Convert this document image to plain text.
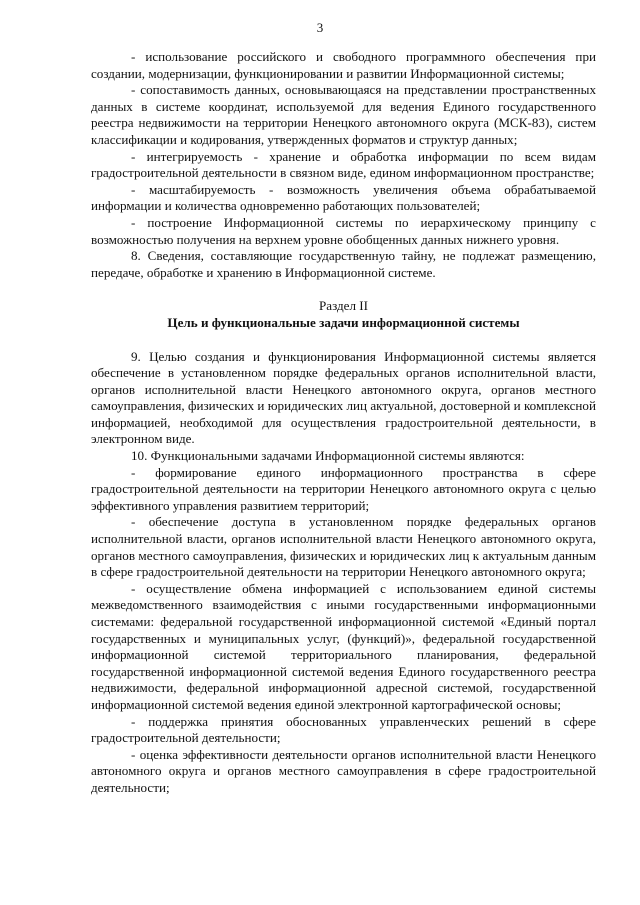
3

- использование российского и свободного программного обеспечения при создании, модернизации, функционировании и развитии Информационной системы;

- сопоставимость данных, основывающаяся на представлении пространственных данных в системе координат, используемой для ведения Единого государственного реестра недвижимости на территории Ненецкого автономного округа (МСК-83), систем классификации и кодирования, утвержденных форматов и структур данных;

- интегрируемость - хранение и обработка информации по всем видам градостроительной деятельности в связном виде, едином информационном пространстве;

- масштабируемость - возможность увеличения объема обрабатываемой информации и количества одновременно работающих пользователей;

- построение Информационной системы по иерархическому принципу с возможностью получения на верхнем уровне обобщенных данных нижнего уровня.

8. Сведения, составляющие государственную тайну, не подлежат размещению, передаче, обработке и хранению в Информационной системе.

Раздел II
Цель и функциональные задачи информационной системы

9. Целью создания и функционирования Информационной системы является обеспечение в установленном порядке федеральных органов исполнительной власти, органов исполнительной власти Ненецкого автономного округа, органов местного самоуправления, физических и юридических лиц актуальной, достоверной и комплексной информацией, необходимой для осуществления градостроительной деятельности, в электронном виде.

10. Функциональными задачами Информационной системы являются:

- формирование единого информационного пространства в сфере градостроительной деятельности на территории Ненецкого автономного округа с целью эффективного управления развитием территорий;

- обеспечение доступа в установленном порядке федеральных органов исполнительной власти, органов исполнительной власти Ненецкого автономного округа, органов местного самоуправления, физических и юридических лиц к актуальным данным в сфере градостроительной деятельности на территории Ненецкого автономного округа;

- осуществление обмена информацией с использованием единой системы межведомственного взаимодействия с иными государственными информационными системами: федеральной государственной информационной системой «Единый портал государственных и муниципальных услуг, (функций)», федеральной государственной информационной системой территориального планирования, федеральной государственной информационной системой ведения Единого государственного реестра недвижимости, федеральной информационной адресной системой, государственной информационной системой ведения единой электронной картографической основы;

- поддержка принятия обоснованных управленческих решений в сфере градостроительной деятельности;

- оценка эффективности деятельности органов исполнительной власти Ненецкого автономного округа и органов местного самоуправления в сфере градостроительной деятельности;
